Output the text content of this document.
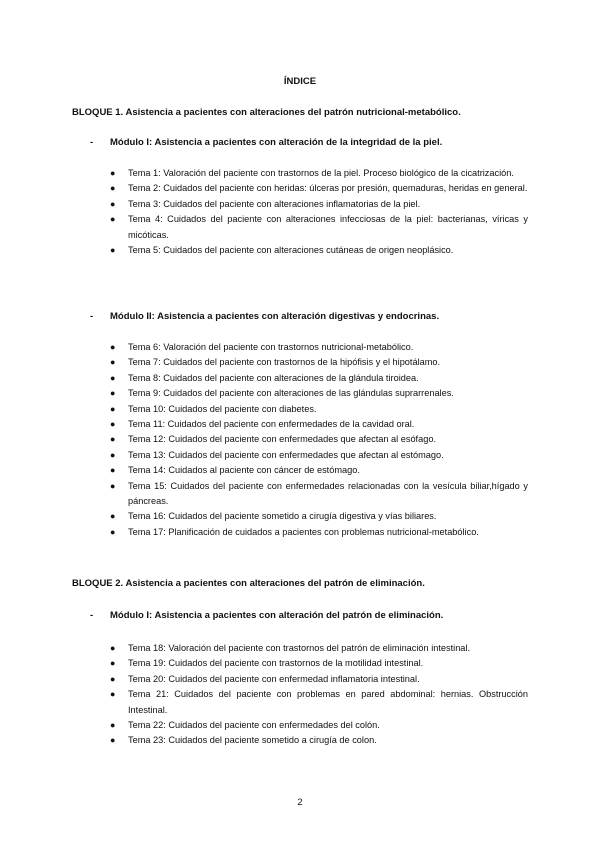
ÍNDICE
BLOQUE 1. Asistencia a pacientes con alteraciones del patrón nutricional-metabólico.
- Módulo I: Asistencia a pacientes con alteración de la integridad de la piel.
● Tema 1: Valoración del paciente con trastornos de la piel. Proceso biológico de la cicatrización.
● Tema 2: Cuidados del paciente con heridas: úlceras por presión, quemaduras, heridas en general.
● Tema 3: Cuidados del paciente con alteraciones inflamatorias de la piel.
● Tema 4: Cuidados del paciente con alteraciones infecciosas de la piel: bacterianas, víricas y micóticas.
● Tema 5: Cuidados del paciente con alteraciones cutáneas de origen neoplásico.
- Módulo II: Asistencia a pacientes con alteración digestivas y endocrinas.
● Tema 6: Valoración del paciente con trastornos nutricional-metabólico.
● Tema 7: Cuidados del paciente con trastornos de la hipófisis y el hipotálamo.
● Tema 8: Cuidados del paciente con alteraciones de la glándula tiroidea.
● Tema 9: Cuidados del paciente con alteraciones de las glándulas suprarrenales.
● Tema 10: Cuidados del paciente con diabetes.
● Tema 11: Cuidados del paciente con enfermedades de la cavidad oral.
● Tema 12: Cuidados del paciente con enfermedades que afectan al esófago.
● Tema 13: Cuidados del paciente con enfermedades que afectan al estómago.
● Tema 14: Cuidados al paciente con cáncer de estómago.
● Tema 15: Cuidados del paciente con enfermedades relacionadas con la vesícula biliar,hígado y páncreas.
● Tema 16: Cuidados del paciente sometido a cirugía digestiva y vías biliares.
● Tema 17: Planificación de cuidados a pacientes con problemas nutricional-metabólico.
BLOQUE 2. Asistencia a pacientes con alteraciones del patrón de eliminación.
- Módulo I: Asistencia a pacientes con alteración del patrón de eliminación.
● Tema 18: Valoración del paciente con trastornos del patrón de eliminación intestinal.
● Tema 19: Cuidados del paciente con trastornos de la motilidad intestinal.
● Tema 20: Cuidados del paciente con enfermedad inflamatoria intestinal.
● Tema 21: Cuidados del paciente con problemas en pared abdominal: hernias. Obstrucción Intestinal.
● Tema 22: Cuidados del paciente con enfermedades del colón.
● Tema 23: Cuidados del paciente sometido a cirugía de colon.
2
